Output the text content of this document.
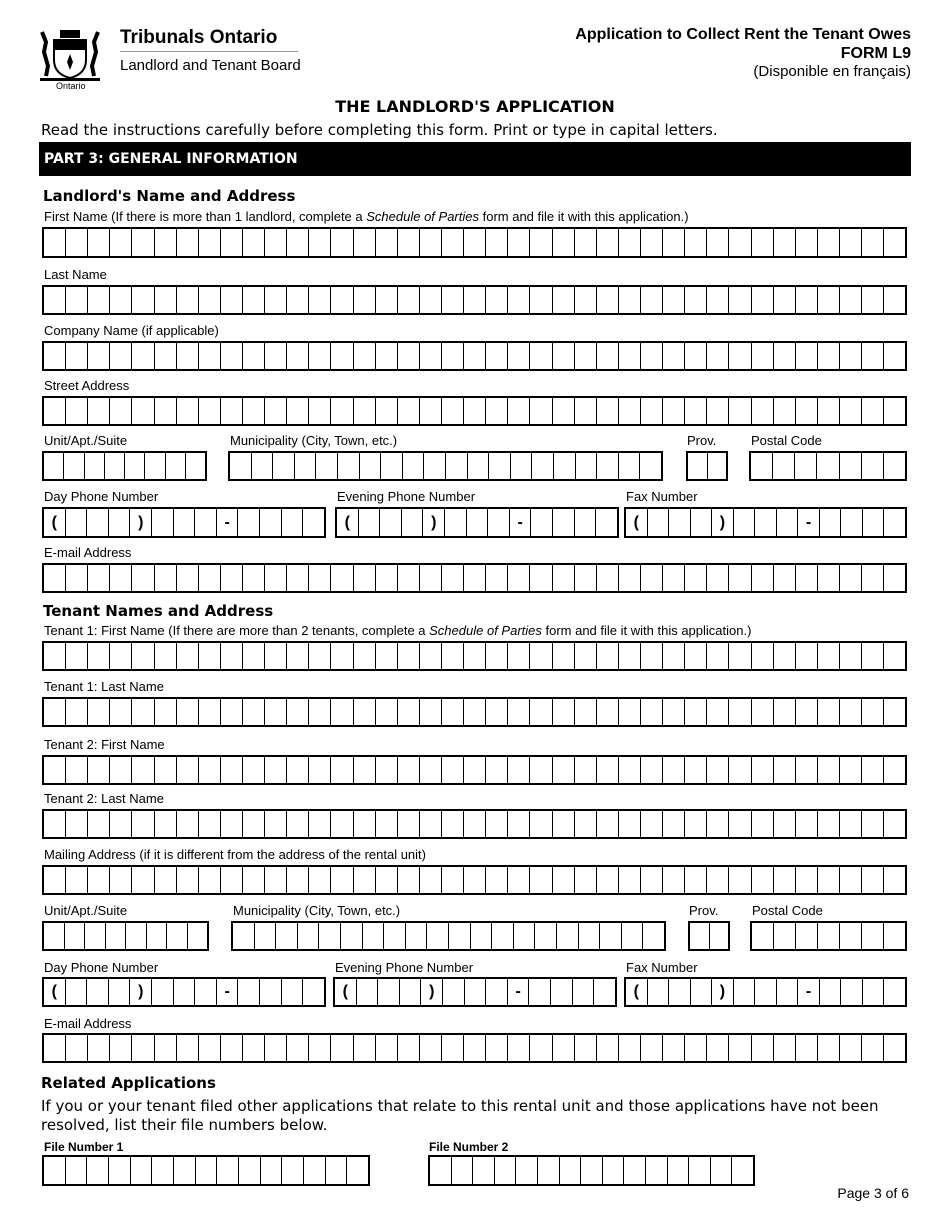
Ontario
Tribunals Ontario
Landlord and Tenant Board
Application to Collect Rent the Tenant Owes
FORM L9
(Disponible en français)
THE LANDLORD'S APPLICATION
Read the instructions carefully before completing this form. Print or type in capital letters.
PART 3: GENERAL INFORMATION
Landlord's Name and Address
First Name (If there is more than 1 landlord, complete a Schedule of Parties form and file it with this application.)
Last Name
Company Name (if applicable)
Street Address
Unit/Apt./Suite	Municipality (City, Town, etc.)	Prov.	Postal Code
Day Phone Number	Evening Phone Number	Fax Number
(	)	-	(	)	-	(	)	-
E-mail Address
Tenant Names and Address
Tenant 1: First Name (If there are more than 2 tenants, complete a Schedule of Parties form and file it with this application.)
Tenant 1: Last Name
Tenant 2: First Name
Tenant 2: Last Name
Mailing Address (if it is different from the address of the rental unit)
Unit/Apt./Suite	Municipality (City, Town, etc.)	Prov.	Postal Code
Day Phone Number	Evening Phone Number	Fax Number
(	)	-	(	)	-	(	)	-
E-mail Address
Related Applications
If you or your tenant filed other applications that relate to this rental unit and those applications have not been resolved, list their file numbers below.
File Number 1	File Number 2
Page 3 of 6
